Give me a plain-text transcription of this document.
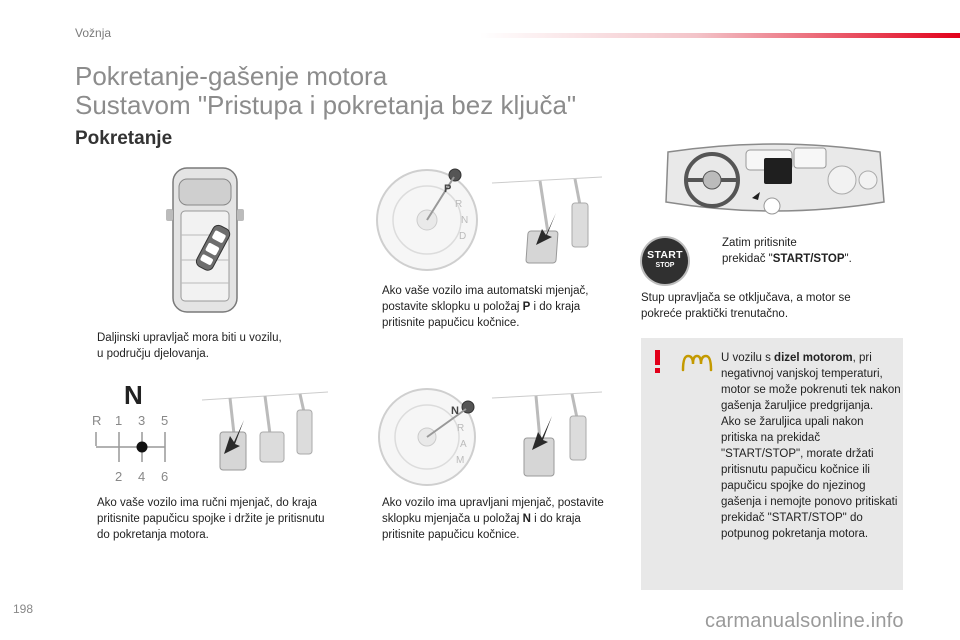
Vožnja
Pokretanje-gašenje motora
Sustavom "Pristupa i pokretanja bez ključa"
Pokretanje
Daljinski upravljač mora biti u vozilu,
u području djelovanja.
P
R
N
D
Ako vaše vozilo ima automatski mjenjač, postavite sklopku u položaj P i do kraja pritisnite papučicu kočnice.
N
R 1 3 5
2 4 6
Ako vaše vozilo ima ručni mjenjač, do kraja pritisnite papučicu spojke i držite je pritisnutu do pokretanja motora.
N
R
A
M
Ako vozilo ima upravljani mjenjač, postavite sklopku mjenjača u položaj N i do kraja pritisnite papučicu kočnice.
START
STOP
Zatim pritisnite
prekidač "START/STOP".
Stup upravljača se otključava, a motor se pokreće praktički trenutačno.
U vozilu s dizel motorom, pri negativnoj vanjskoj temperaturi, motor se može pokrenuti tek nakon gašenja žaruljice predgrijanja.
Ako se žaruljica upali nakon pritiska na prekidač "START/STOP", morate držati pritisnutu papučicu kočnice ili papučicu spojke do njezinog gašenja i nemojte ponovo pritiskati prekidač "START/STOP" do potpunog pokretanja motora.
198
carmanualsonline.info
